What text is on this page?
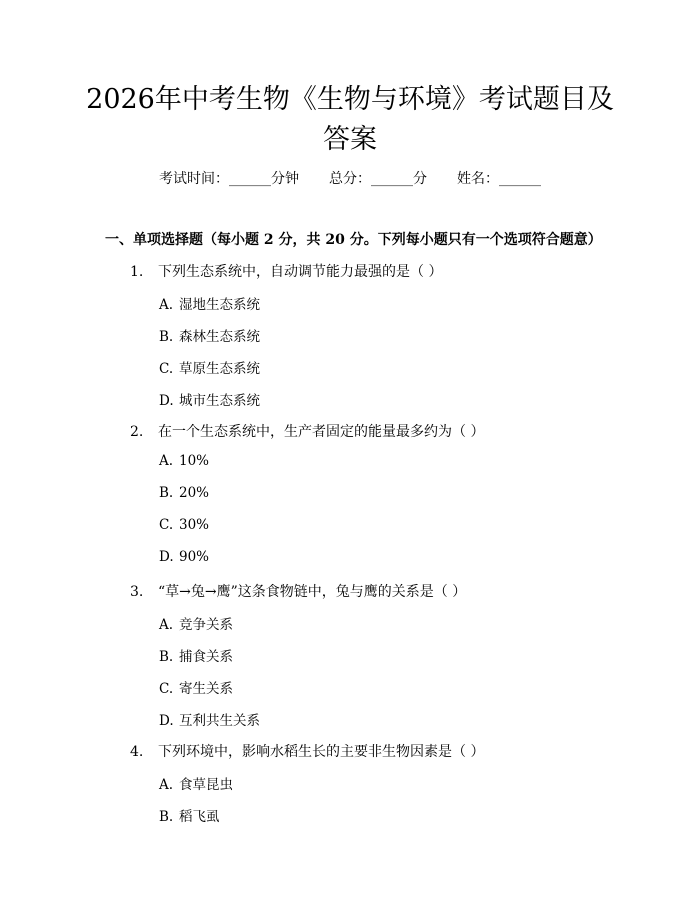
2026年中考生物《生物与环境》考试题目及
答案
考试时间：______分钟 总分：______分 姓名：______
一、单项选择题（每小题 2 分，共 20 分。下列每小题只有一个选项符合题意）
1. 下列生态系统中，自动调节能力最强的是（ ）
A. 湿地生态系统
B. 森林生态系统
C. 草原生态系统
D. 城市生态系统
2. 在一个生态系统中，生产者固定的能量最多约为（ ）
A. 10%
B. 20%
C. 30%
D. 90%
3. “草→兔→鹰”这条食物链中，兔与鹰的关系是（ ）
A. 竞争关系
B. 捕食关系
C. 寄生关系
D. 互利共生关系
4. 下列环境中，影响水稻生长的主要非生物因素是（ ）
A. 食草昆虫
B. 稻飞虱
